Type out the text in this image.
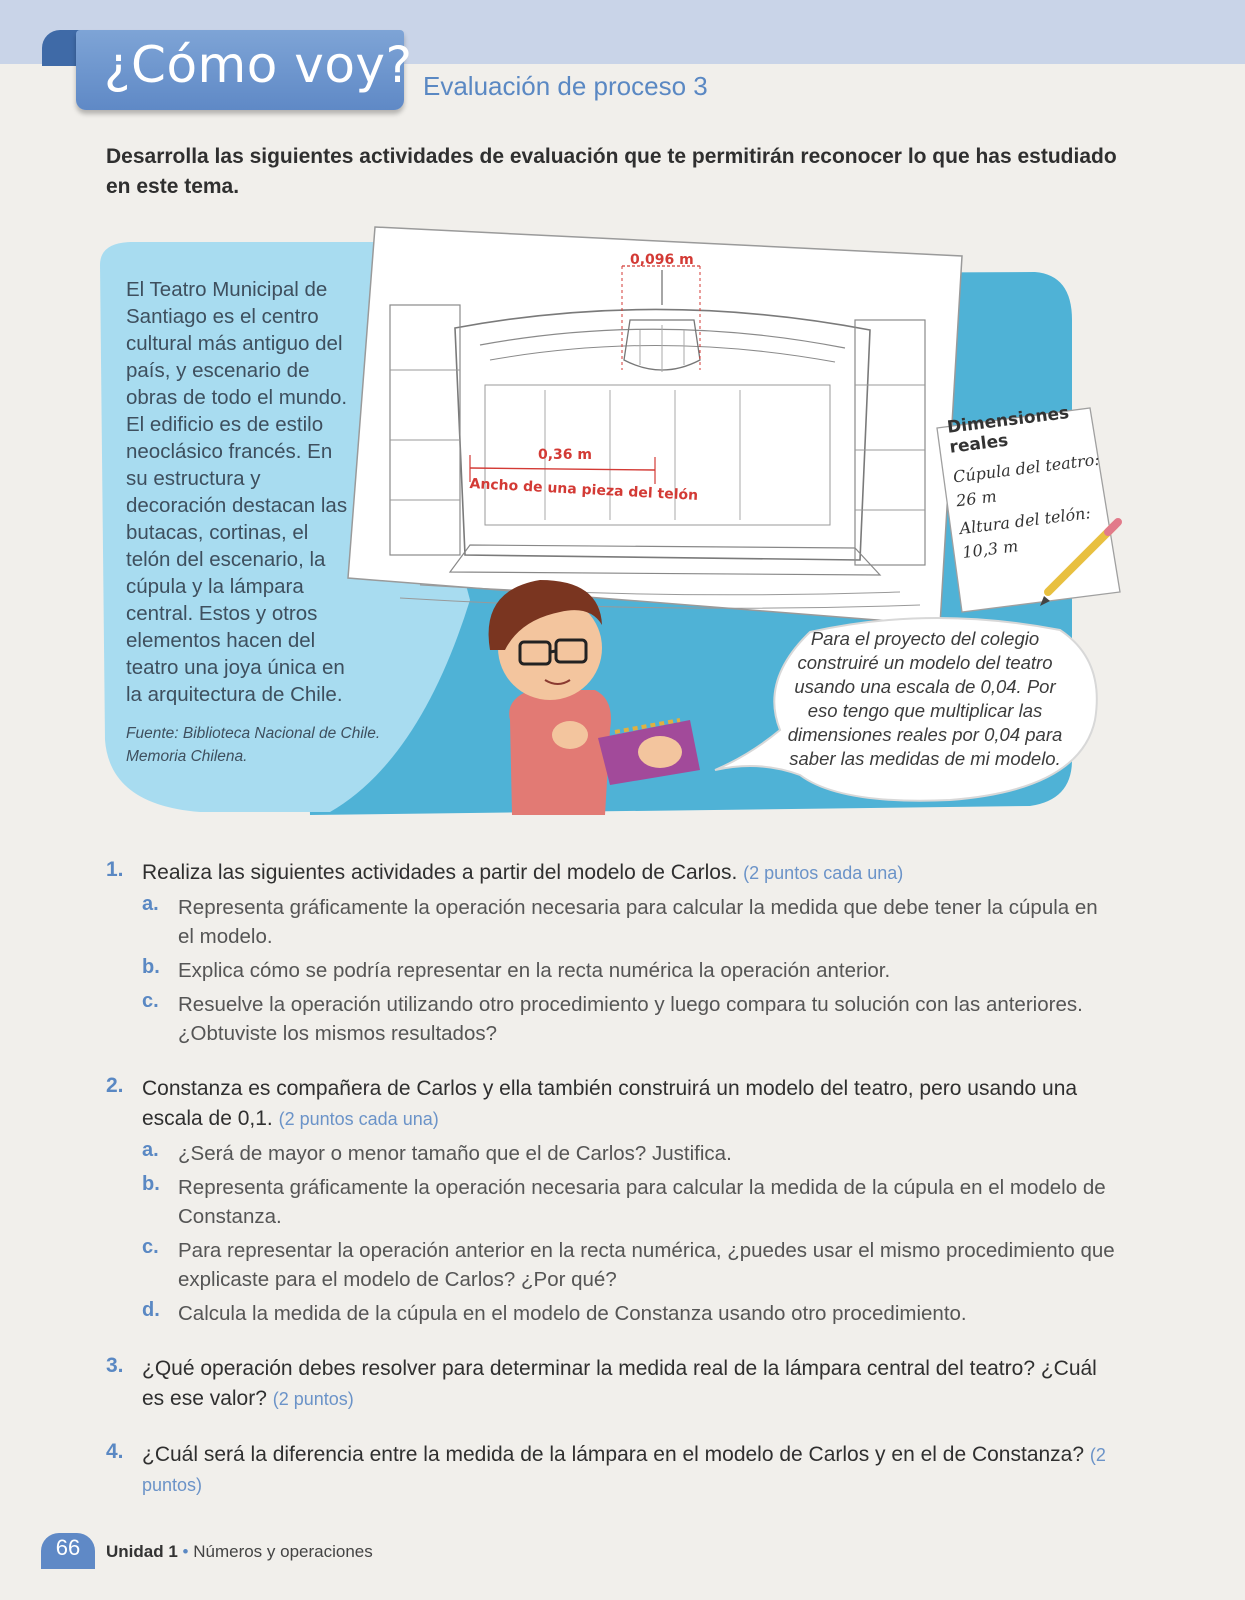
¿Cómo voy? Evaluación de proceso 3
Desarrolla las siguientes actividades de evaluación que te permitirán reconocer lo que has estudiado en este tema.
El Teatro Municipal de Santiago es el centro cultural más antiguo del país, y escenario de obras de todo el mundo. El edificio es de estilo neoclásico francés. En su estructura y decoración destacan las butacas, cortinas, el telón del escenario, la cúpula y la lámpara central. Estos y otros elementos hacen del teatro una joya única en la arquitectura de Chile.
Fuente: Biblioteca Nacional de Chile. Memoria Chilena.
0,096 m
0,36 m
Ancho de una pieza del telón
Dimensiones reales
Cúpula del teatro:
26 m
Altura del telón:
10,3 m
Para el proyecto del colegio construiré un modelo del teatro usando una escala de 0,04. Por eso tengo que multiplicar las dimensiones reales por 0,04 para saber las medidas de mi modelo.
1. Realiza las siguientes actividades a partir del modelo de Carlos. (2 puntos cada una)
a. Representa gráficamente la operación necesaria para calcular la medida que debe tener la cúpula en el modelo.
b. Explica cómo se podría representar en la recta numérica la operación anterior.
c. Resuelve la operación utilizando otro procedimiento y luego compara tu solución con las anteriores. ¿Obtuviste los mismos resultados?
2. Constanza es compañera de Carlos y ella también construirá un modelo del teatro, pero usando una escala de 0,1. (2 puntos cada una)
a. ¿Será de mayor o menor tamaño que el de Carlos? Justifica.
b. Representa gráficamente la operación necesaria para calcular la medida de la cúpula en el modelo de Constanza.
c. Para representar la operación anterior en la recta numérica, ¿puedes usar el mismo procedimiento que explicaste para el modelo de Carlos? ¿Por qué?
d. Calcula la medida de la cúpula en el modelo de Constanza usando otro procedimiento.
3. ¿Qué operación debes resolver para determinar la medida real de la lámpara central del teatro? ¿Cuál es ese valor? (2 puntos)
4. ¿Cuál será la diferencia entre la medida de la lámpara en el modelo de Carlos y en el de Constanza? (2 puntos)
66	Unidad 1 • Números y operaciones
